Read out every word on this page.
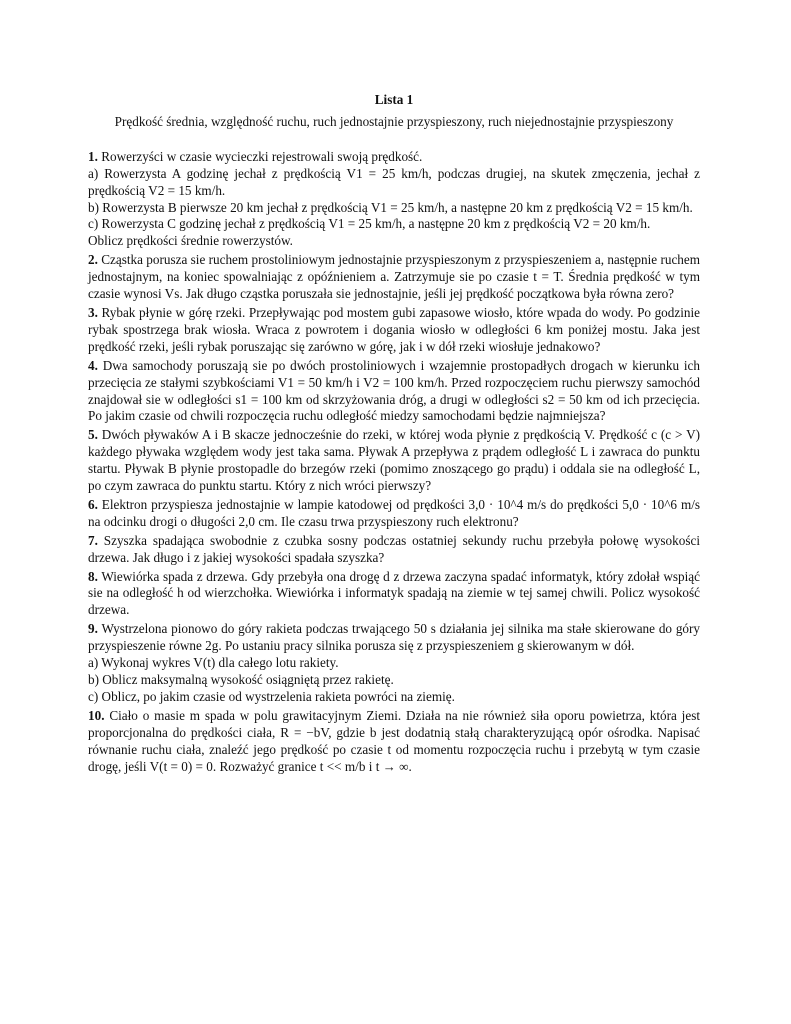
Lista 1
Prędkość średnia, względność ruchu, ruch jednostajnie przyspieszony, ruch niejednostajnie przyspieszony
1. Rowerzyści w czasie wycieczki rejestrowali swoją prędkość.
a) Rowerzysta A godzinę jechał z prędkością V1 = 25 km/h, podczas drugiej, na skutek zmęczenia, jechał z prędkością V2 = 15 km/h.
b) Rowerzysta B pierwsze 20 km jechał z prędkością V1 = 25 km/h, a następne 20 km z prędkością V2 = 15 km/h.
c) Rowerzysta C godzinę jechał z prędkością V1 = 25 km/h, a następne 20 km z prędkością V2 = 20 km/h.
Oblicz prędkości średnie rowerzystów.
2. Cząstka porusza sie ruchem prostoliniowym jednostajnie przyspieszonym z przyspieszeniem a, następnie ruchem jednostajnym, na koniec spowalniając z opóźnieniem a. Zatrzymuje sie po czasie t = T. Średnia prędkość w tym czasie wynosi Vs. Jak długo cząstka poruszała sie jednostajnie, jeśli jej prędkość początkowa była równa zero?
3. Rybak płynie w górę rzeki. Przepływając pod mostem gubi zapasowe wiosło, które wpada do wody. Po godzinie rybak spostrzega brak wiosła. Wraca z powrotem i dogania wiosło w odległości 6 km poniżej mostu. Jaka jest prędkość rzeki, jeśli rybak poruszając się zarówno w górę, jak i w dół rzeki wiosłuje jednakowo?
4. Dwa samochody poruszają sie po dwóch prostoliniowych i wzajemnie prostopadłych drogach w kierunku ich przecięcia ze stałymi szybkościami V1 = 50 km/h i V2 = 100 km/h. Przed rozpoczęciem ruchu pierwszy samochód znajdował sie w odległości s1 = 100 km od skrzyżowania dróg, a drugi w odległości s2 = 50 km od ich przecięcia. Po jakim czasie od chwili rozpoczęcia ruchu odległość miedzy samochodami będzie najmniejsza?
5. Dwóch pływaków A i B skacze jednocześnie do rzeki, w której woda płynie z prędkością V. Prędkość c (c > V) każdego pływaka względem wody jest taka sama. Pływak A przepływa z prądem odległość L i zawraca do punktu startu. Pływak B płynie prostopadle do brzegów rzeki (pomimo znoszącego go prądu) i oddala sie na odległość L, po czym zawraca do punktu startu. Który z nich wróci pierwszy?
6. Elektron przyspiesza jednostajnie w lampie katodowej od prędkości 3,0 · 10^4 m/s do prędkości 5,0 · 10^6 m/s na odcinku drogi o długości 2,0 cm. Ile czasu trwa przyspieszony ruch elektronu?
7. Szyszka spadająca swobodnie z czubka sosny podczas ostatniej sekundy ruchu przebyła połowę wysokości drzewa. Jak długo i z jakiej wysokości spadała szyszka?
8. Wiewiórka spada z drzewa. Gdy przebyła ona drogę d z drzewa zaczyna spadać informatyk, który zdołał wspiąć sie na odległość h od wierzchołka. Wiewiórka i informatyk spadają na ziemie w tej samej chwili. Policz wysokość drzewa.
9. Wystrzelona pionowo do góry rakieta podczas trwającego 50 s działania jej silnika ma stałe skierowane do góry przyspieszenie równe 2g. Po ustaniu pracy silnika porusza się z przyspieszeniem g skierowanym w dół.
a) Wykonaj wykres V(t) dla całego lotu rakiety.
b) Oblicz maksymalną wysokość osiągniętą przez rakietę.
c) Oblicz, po jakim czasie od wystrzelenia rakieta powróci na ziemię.
10. Ciało o masie m spada w polu grawitacyjnym Ziemi. Działa na nie również siła oporu powietrza, która jest proporcjonalna do prędkości ciała, R = −bV, gdzie b jest dodatnią stałą charakteryzującą opór ośrodka. Napisać równanie ruchu ciała, znaleźć jego prędkość po czasie t od momentu rozpoczęcia ruchu i przebytą w tym czasie drogę, jeśli V(t = 0) = 0. Rozważyć granice t << m/b i t → ∞.
